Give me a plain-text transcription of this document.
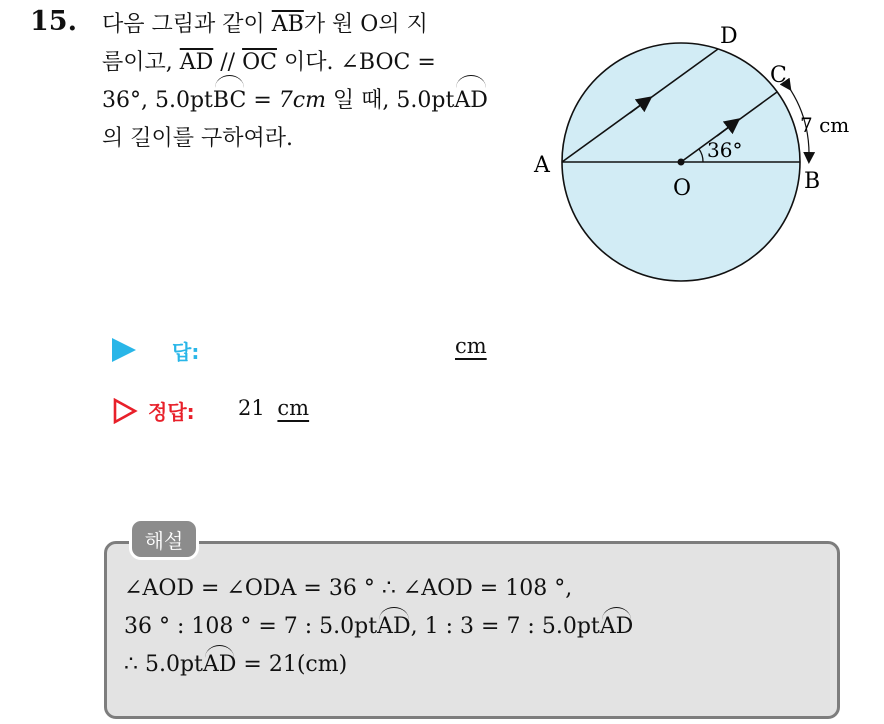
15. 다음 그림과 같이 $\overline{AB}$가 원 O의 지
름이고, $\overline{AD} // \overline{OC}$ 이다. ∠BOC =
36°, 5.0ptBC = 7cm 일 때, 5.0ptAD
의 길이를 구하여라.
D
C
A
B
O
36°
7 cm
답:	cm
정답: 21 cm
해설
∠AOD = ∠ODA = 36 ° ∴ ∠AOD = 108 °,
36 ° : 108 ° = 7 : 5.0ptAD, 1 : 3 = 7 : 5.0ptAD
∴ 5.0ptAD = 21(cm)
